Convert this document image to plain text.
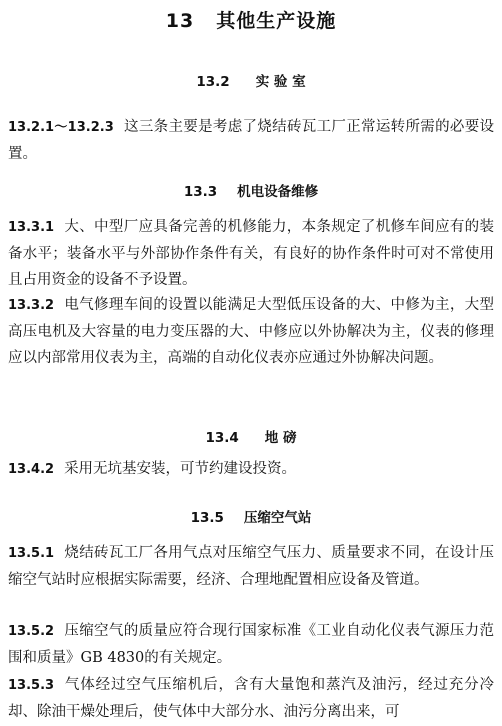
13 其他生产设施
13.2 实 验 室

13.2.1～13.2.3 这三条主要是考虑了烧结砖瓦工厂正常运转所需的必要设置。

13.3 机电设备维修

13.3.1 大、中型厂应具备完善的机修能力，本条规定了机修车间应有的装备水平；装备水平与外部协作条件有关，有良好的协作条件时可对不常使用且占用资金的设备不予设置。

13.3.2 电气修理车间的设置以能满足大型低压设备的大、中修为主，大型高压电机及大容量的电力变压器的大、中修应以外协解决为主，仪表的修理应以内部常用仪表为主，高端的自动化仪表亦应通过外协解决问题。

13.4 地 磅

13.4.2 采用无坑基安装，可节约建设投资。

13.5 压缩空气站

13.5.1 烧结砖瓦工厂各用气点对压缩空气压力、质量要求不同，在设计压缩空气站时应根据实际需要，经济、合理地配置相应设备及管道。

13.5.2 压缩空气的质量应符合现行国家标准《工业自动化仪表气源压力范围和质量》GB 4830的有关规定。

13.5.3 气体经过空气压缩机后，含有大量饱和蒸汽及油污，经过充分冷却、除油干燥处理后，使气体中大部分水、油污分离出来，可
